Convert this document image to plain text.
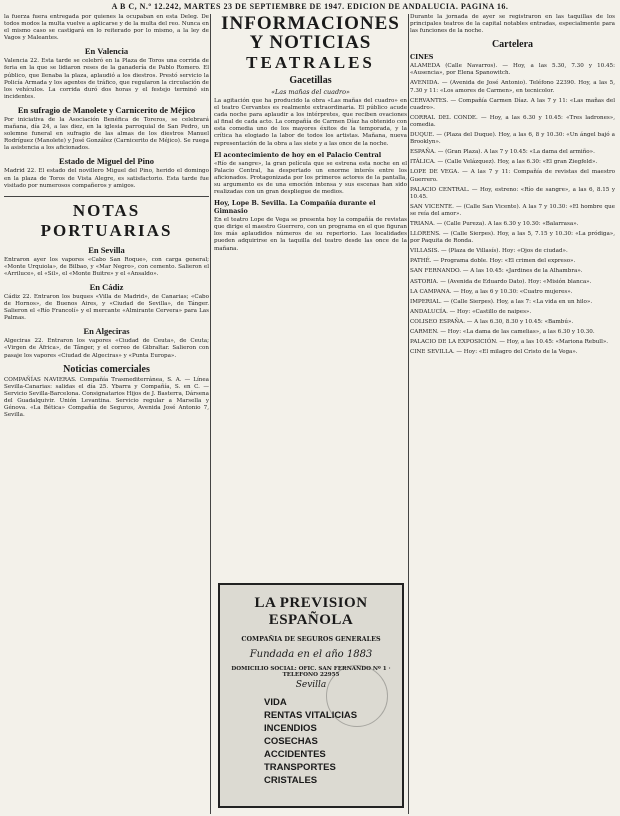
A B C, N.º 12.242, MARTES 23 DE SEPTIEMBRE DE 1947. EDICION DE ANDALUCIA. PAGINA 16.

la fuerza fuera entregada por quienes la ocupaban en esta Deleg. De todos modos la multa vuelve a aplicarse y de la multa del reo. Nunca en el mismo caso se castigará en lo reiterado por lo mismo, a la ley de Vagos y Maleantes.

En Valencia

Valencia 22. Esta tarde se celebró en la Plaza de Toros una corrida de feria en la que se lidiaron reses de la ganadería de Pablo Romero. El público, que llenaba la plaza, aplaudió a los diestros. Prestó servicio la Policía Armada y los agentes de tráfico, que regularon la circulación de los vehículos. La corrida duró dos horas y el festejo terminó sin incidentes.

En sufragio de Manolete y Carnicerito de Méjico

Por iniciativa de la Asociación Benéfica de Toreros, se celebrará mañana, día 24, a las diez, en la iglesia parroquial de San Pedro, un solemne funeral en sufragio de las almas de los diestros Manuel Rodríguez (Manolete) y José González (Carnicerito de Méjico). Se ruega la asistencia a los aficionados.

Estado de Miguel del Pino

Madrid 22. El estado del novillero Miguel del Pino, herido el domingo en la plaza de Toros de Vista Alegre, es satisfactorio. Esta tarde fue visitado por numerosos compañeros y amigos.

NOTAS PORTUARIAS
En Sevilla

Entraron ayer los vapores «Cabo San Roque», con carga general; «Monte Urquiola», de Bilbao, y «Mar Negro», con cemento. Salieron el «Arriluce», el «Sil», el «Monte Buitre» y el «Ansaldo».

En Cádiz

Cádiz 22. Entraron los buques «Villa de Madrid», de Canarias; «Cabo de Hornos», de Buenos Aires, y «Ciudad de Sevilla», de Tánger. Salieron el «Río Francolí» y el mercante «Almirante Cervera» para Las Palmas.

En Algeciras

Algeciras 22. Entraron los vapores «Ciudad de Ceuta», de Ceuta; «Virgen de África», de Tánger, y el correo de Gibraltar. Salieron con pasaje los vapores «Ciudad de Algeciras» y «Punta Europa».

Noticias comerciales

COMPAÑÍAS NAVIERAS. Compañía Trasmediterránea, S. A. — Línea Sevilla-Canarias: salidas el día 25. Ybarra y Compañía, S. en C. — Servicio Sevilla-Barcelona. Consignatarios Hijos de J. Basterra, Dársena del Guadalquivir. Unión Levantina. Servicio regular a Marsella y Génova. «La Bética» Compañía de Seguros, Avenida José Antonio 7, Sevilla.

INFORMACIONES Y NOTICIAS
TEATRALES
Gacetillas
«Las mañas del cuadro»

La agitación que ha producido la obra «Las mañas del cuadro» en el teatro Cervantes es realmente extraordinaria. El público acude cada noche para aplaudir a los intérpretes, que reciben ovaciones al final de cada acto. La compañía de Carmen Díaz ha obtenido con esta comedia uno de los mayores éxitos de la temporada, y la crítica ha elogiado la labor de todos los artistas. Mañana, nueva representación de la obra a las siete y a las once de la noche.

El acontecimiento de hoy en el Palacio Central

«Río de sangre», la gran película que se estrena esta noche en el Palacio Central, ha despertado un enorme interés entre los aficionados. Protagonizada por los primeros actores de la pantalla, su argumento es de una emoción intensa y sus escenas han sido realizadas con un gran despliegue de medios.

Hoy, Lope B. Sevilla. La Compañía durante el Gimnasio

En el teatro Lope de Vega se presenta hoy la compañía de revistas que dirige el maestro Guerrero, con un programa en el que figuran los más aplaudidos números de su repertorio. Las localidades pueden adquirirse en la taquilla del teatro desde las once de la mañana.

LA PREVISION ESPAÑOLA
COMPAÑIA DE SEGUROS GENERALES
Fundada en el año 1883
DOMICILIO SOCIAL: OFIC. SAN FERNANDO Nº 1 · TELEFONO 22955
Sevilla
VIDA
RENTAS VITALICIAS
INCENDIOS
COSECHAS
ACCIDENTES
TRANSPORTES
CRISTALES

Durante la jornada de ayer se registraron en las taquillas de los principales teatros de la capital notables entradas, especialmente para las funciones de la noche.

Cartelera
CINES

ALAMEDA (Calle Navarros). — Hoy, a las 5.30, 7.30 y 10.45: «Ausencia», por Elena Spanowitch.

AVENIDA. — (Avenida de José Antonio). Teléfono 22390. Hoy, a las 5, 7.30 y 11: «Los amores de Carmen», en tecnicolor.

CERVANTES. — Compañía Carmen Díaz. A las 7 y 11: «Las mañas del cuadro».

CORRAL DEL CONDE. — Hoy, a las 6.30 y 10.45: «Tres ladrones», comedia.

DUQUE. — (Plaza del Duque). Hoy, a las 6, 8 y 10.30: «Un ángel bajó a Brooklyn».

ESPAÑA. — (Gran Plaza). A las 7 y 10.45: «La dama del armiño».

ITÁLICA. — (Calle Velázquez). Hoy, a las 6.30: «El gran Ziegfeld».

LOPE DE VEGA. — A las 7 y 11: Compañía de revistas del maestro Guerrero.

PALACIO CENTRAL. — Hoy, estreno: «Río de sangre», a las 6, 8.15 y 10.45.

SAN VICENTE. — (Calle San Vicente). A las 7 y 10.30: «El hombre que se reía del amor».

TRIANA. — (Calle Pureza). A las 6.30 y 10.30: «Balarrasa».

LLORENS. — (Calle Sierpes). Hoy, a las 5, 7.15 y 10.30: «La pródiga», por Paquita de Ronda.

VILLASIS. — (Plaza de Villasís). Hoy: «Ojos de ciudad».

PATHÉ. — Programa doble. Hoy: «El crimen del expreso».

SAN FERNANDO. — A las 10.45: «Jardines de la Alhambra».

ASTORIA. — (Avenida de Eduardo Dato). Hoy: «Misión blanca».

LA CAMPANA. — Hoy, a las 6 y 10.30: «Cuatro mujeres».

IMPERIAL. — (Calle Sierpes). Hoy, a las 7: «La vida en un hilo».

ANDALUCÍA. — Hoy: «Castillo de naipes».

COLISEO ESPAÑA. — A las 6.30, 8.30 y 10.45: «Bambú».

CARMEN. — Hoy: «La dama de las camelias», a las 6.30 y 10.30.

PALACIO DE LA EXPOSICIÓN. — Hoy, a las 10.45: «Mariona Rebull».

CINE SEVILLA. — Hoy: «El milagro del Cristo de la Vega».
